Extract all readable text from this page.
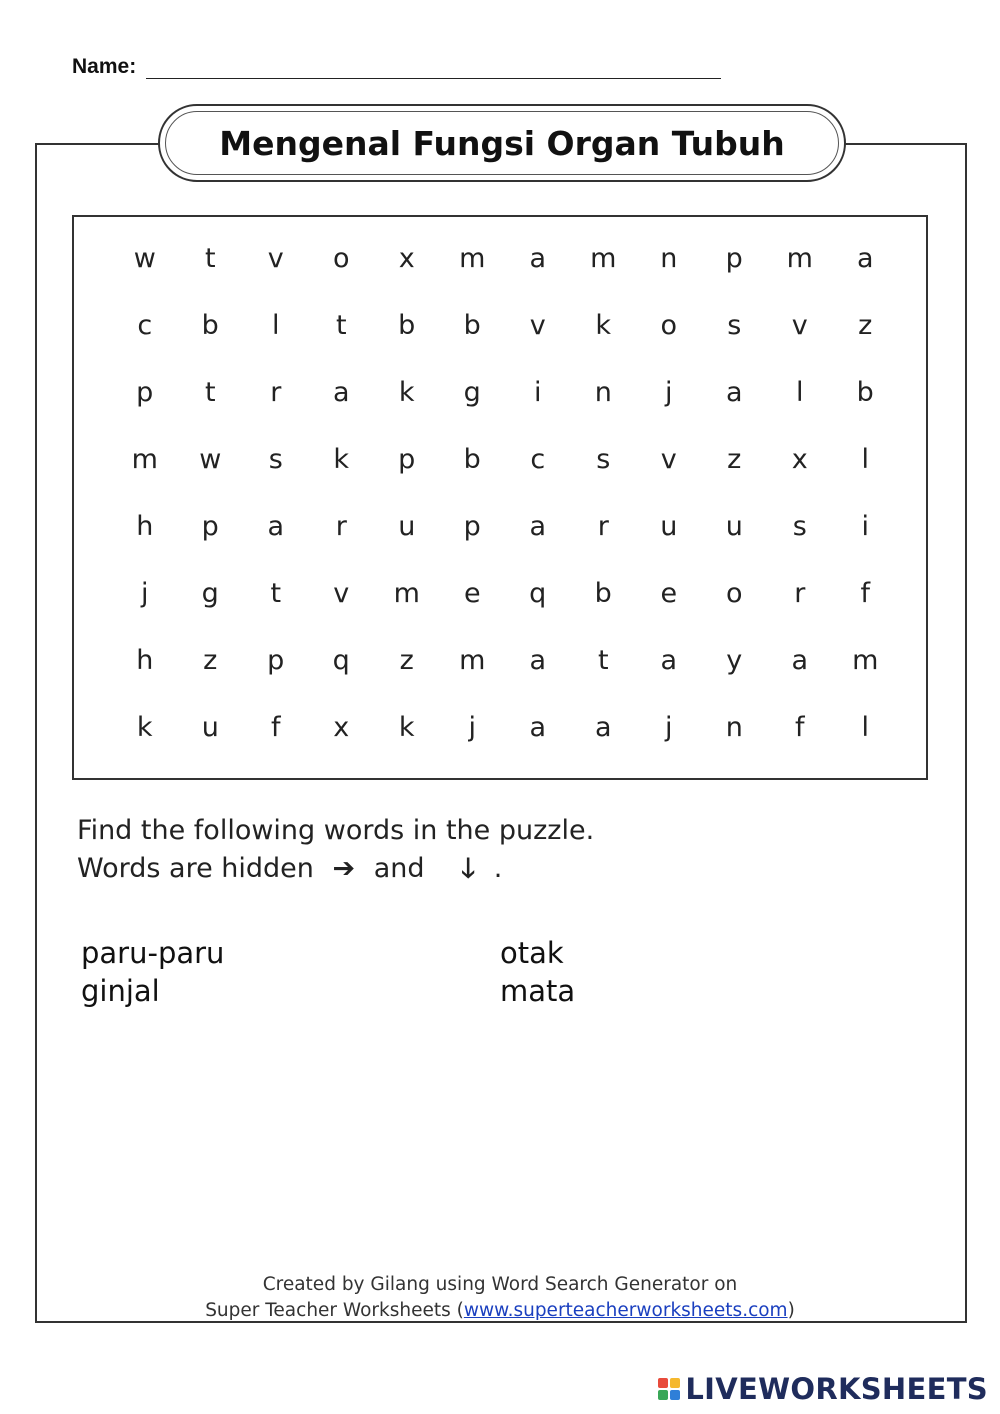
Name:
Mengenal Fungsi Organ Tubuh
w	t	v	o	x	m	a	m	n	p	m	a
c	b	l	t	b	b	v	k	o	s	v	z
p	t	r	a	k	g	i	n	j	a	l	b
m	w	s	k	p	b	c	s	v	z	x	l
h	p	a	r	u	p	a	r	u	u	s	i
j	g	t	v	m	e	q	b	e	o	r	f
h	z	p	q	z	m	a	t	a	y	a	m
k	u	f	x	k	j	a	a	j	n	f	l
Find the following words in the puzzle.
Words are hidden ➔ and 🡓 .
paru-paru
ginjal
otak
mata
Created by Gilang using Word Search Generator on
Super Teacher Worksheets (www.superteacherworksheets.com)
LIVEWORKSHEETS
